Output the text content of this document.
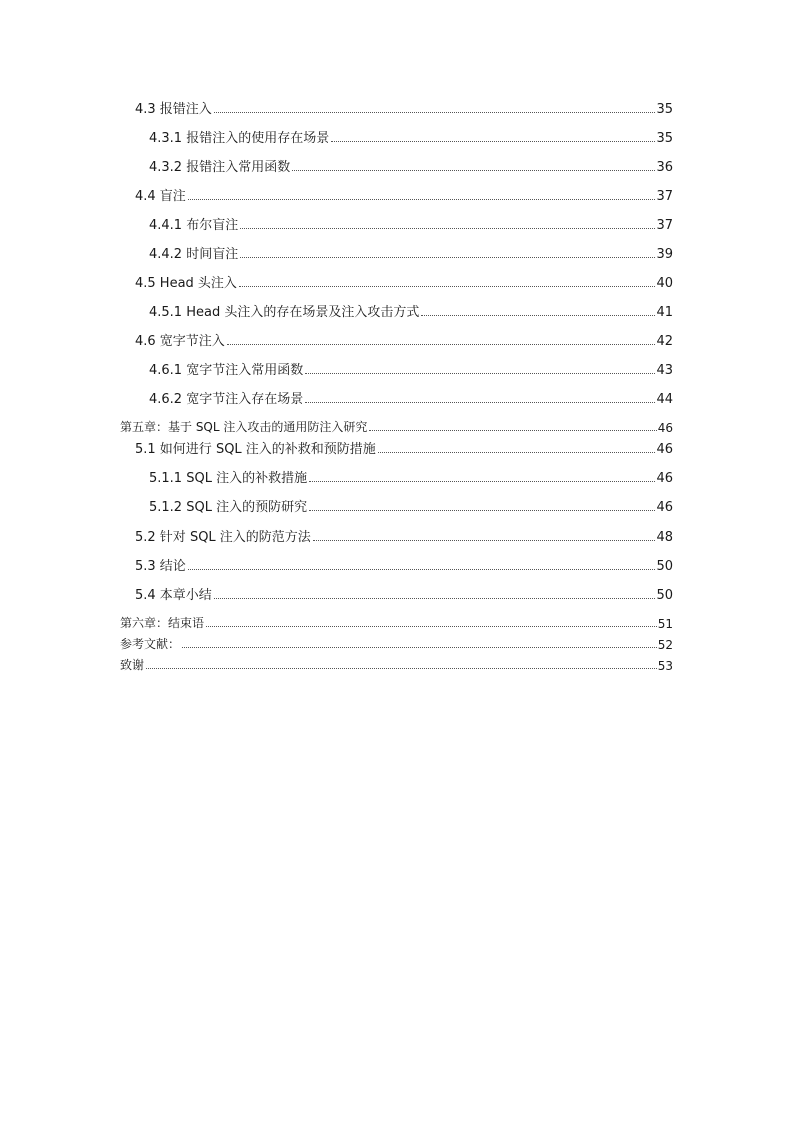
4.3 报错注入	35
4.3.1 报错注入的使用存在场景	35
4.3.2 报错注入常用函数	36
4.4 盲注	37
4.4.1 布尔盲注	37
4.4.2 时间盲注	39
4.5 Head 头注入	40
4.5.1 Head 头注入的存在场景及注入攻击方式	41
4.6 宽字节注入	42
4.6.1 宽字节注入常用函数	43
4.6.2 宽字节注入存在场景	44
第五章：基于 SQL 注入攻击的通用防注入研究	46
5.1 如何进行 SQL 注入的补救和预防措施	46
5.1.1 SQL 注入的补救措施	46
5.1.2 SQL 注入的预防研究	46
5.2 针对 SQL 注入的防范方法	48
5.3 结论	50
5.4 本章小结	50
第六章：结束语	51
参考文献：	52
致谢	53
